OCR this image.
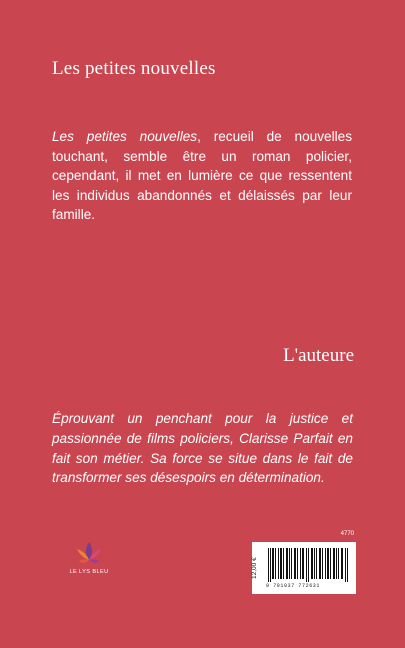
Les petites nouvelles
Les petites nouvelles, recueil de nouvelles touchant, semble être un roman policier, cependant, il met en lumière ce que ressentent les individus abandonnés et délaissés par leur famille.
L'auteure
Éprouvant un penchant pour la justice et passionnée de films policiers, Clarisse Parfait en fait son métier. Sa force se situe dans le fait de transformer ses désespoirs en détermination.
LE LYS BLEU
4770
12,00 €
9 791037 772631
